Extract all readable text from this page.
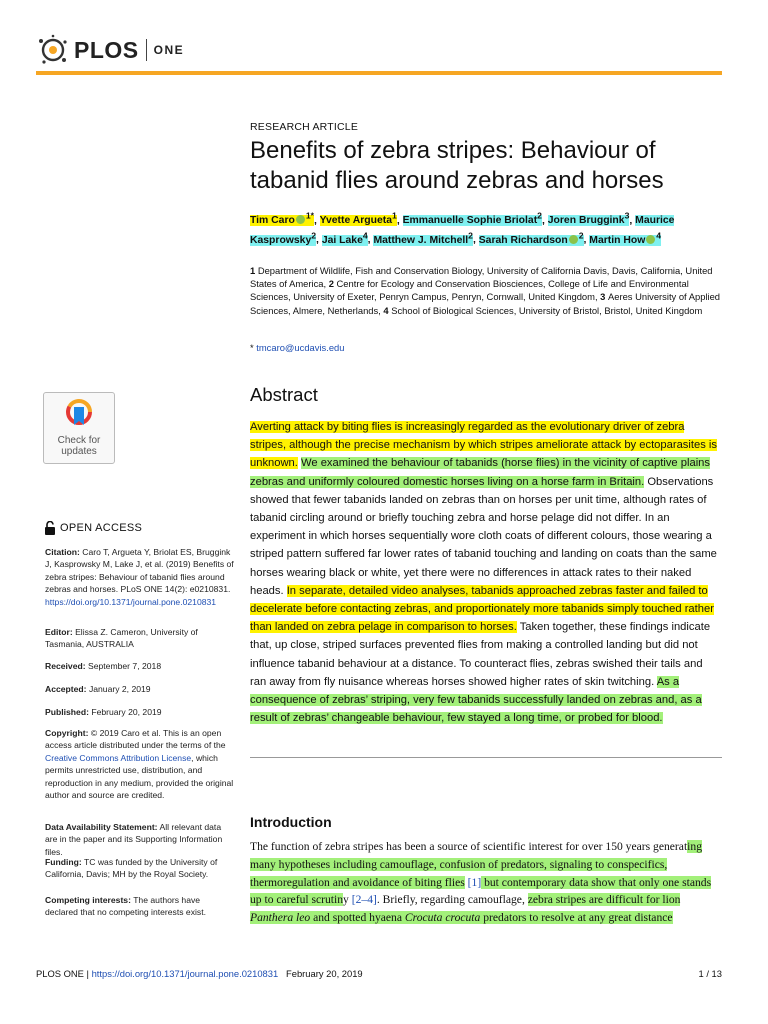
PLOS ONE
Check for
updates
OPEN ACCESS
Citation: Caro T, Argueta Y, Briolat ES, Bruggink J, Kasprowsky M, Lake J, et al. (2019) Benefits of zebra stripes: Behaviour of tabanid flies around zebras and horses. PLoS ONE 14(2): e0210831. https://doi.org/10.1371/journal.pone.0210831
Editor: Elissa Z. Cameron, University of Tasmania, AUSTRALIA
Received: September 7, 2018
Accepted: January 2, 2019
Published: February 20, 2019
Copyright: © 2019 Caro et al. This is an open access article distributed under the terms of the Creative Commons Attribution License, which permits unrestricted use, distribution, and reproduction in any medium, provided the original author and source are credited.
Data Availability Statement: All relevant data are in the paper and its Supporting Information files.
Funding: TC was funded by the University of California, Davis; MH by the Royal Society.
Competing interests: The authors have declared that no competing interests exist.
RESEARCH ARTICLE
Benefits of zebra stripes: Behaviour of tabanid flies around zebras and horses
Tim Caro $^{1*}$, Yvette Argueta$^1$, Emmanuelle Sophie Briolat$^2$, Joren Bruggink$^3$, Maurice Kasprowsky$^2$, Jai Lake$^4$, Matthew J. Mitchell$^2$, Sarah Richardson $^2$, Martin How $^4$
1 Department of Wildlife, Fish and Conservation Biology, University of California Davis, Davis, California, United States of America, 2 Centre for Ecology and Conservation Biosciences, College of Life and Environmental Sciences, University of Exeter, Penryn Campus, Penryn, Cornwall, United Kingdom, 3 Aeres University of Applied Sciences, Almere, Netherlands, 4 School of Biological Sciences, University of Bristol, Bristol, United Kingdom
* tmcaro@ucdavis.edu
Abstract
Averting attack by biting flies is increasingly regarded as the evolutionary driver of zebra stripes, although the precise mechanism by which stripes ameliorate attack by ectoparasites is unknown. We examined the behaviour of tabanids (horse flies) in the vicinity of captive plains zebras and uniformly coloured domestic horses living on a horse farm in Britain. Observations showed that fewer tabanids landed on zebras than on horses per unit time, although rates of tabanid circling around or briefly touching zebra and horse pelage did not differ. In an experiment in which horses sequentially wore cloth coats of different colours, those wearing a striped pattern suffered far lower rates of tabanid touching and landing on coats than the same horses wearing black or white, yet there were no differences in attack rates to their naked heads. In separate, detailed video analyses, tabanids approached zebras faster and failed to decelerate before contacting zebras, and proportionately more tabanids simply touched rather than landed on zebra pelage in comparison to horses. Taken together, these findings indicate that, up close, striped surfaces prevented flies from making a controlled landing but did not influence tabanid behaviour at a distance. To counteract flies, zebras swished their tails and ran away from fly nuisance whereas horses showed higher rates of skin twitching. As a consequence of zebras’ striping, very few tabanids successfully landed on zebras and, as a result of zebras’ changeable behaviour, few stayed a long time, or probed for blood.
Introduction
The function of zebra stripes has been a source of scientific interest for over 150 years generating many hypotheses including camouflage, confusion of predators, signaling to conspecifics, thermoregulation and avoidance of biting flies [1] but contemporary data show that only one stands up to careful scrutiny [2–4]. Briefly, regarding camouflage, zebra stripes are difficult for lion Panthera leo and spotted hyaena Crocuta crocuta predators to resolve at any great distance
PLOS ONE | https://doi.org/10.1371/journal.pone.0210831 February 20, 2019	1 / 13
